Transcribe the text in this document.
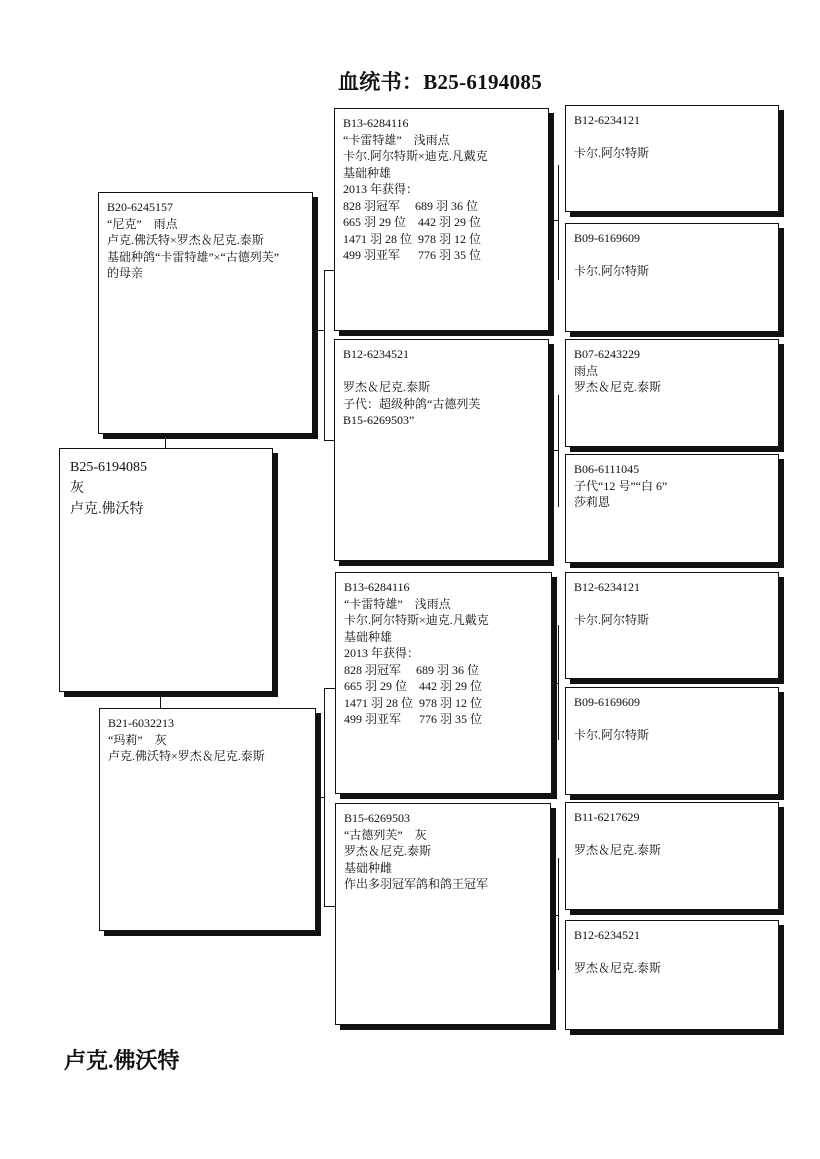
血统书：B25-6194085
B25-6194085
灰
卢克.佛沃特
B20-6245157
“尼克”    雨点
卢克.佛沃特×罗杰＆尼克.泰斯
基础种鸽“卡雷特雄”×“古德列芙”
的母亲
B21-6032213
“玛莉”    灰
卢克.佛沃特×罗杰＆尼克.泰斯
B13-6284116
“卡雷特雄”    浅雨点
卡尔.阿尔特斯×迪克.凡戴克
基础种雄
2013 年获得：
828 羽冠军     689 羽 36 位
665 羽 29 位    442 羽 29 位
1471 羽 28 位  978 羽 12 位
499 羽亚军      776 羽 35 位
B12-6234521
罗杰＆尼克.泰斯
子代：超级种鸽“古德列芙
B15-6269503”
B13-6284116
“卡雷特雄”    浅雨点
卡尔.阿尔特斯×迪克.凡戴克
基础种雄
2013 年获得：
828 羽冠军     689 羽 36 位
665 羽 29 位    442 羽 29 位
1471 羽 28 位  978 羽 12 位
499 羽亚军      776 羽 35 位
B15-6269503
“古德列芙”    灰
罗杰＆尼克.泰斯
基础种雌
作出多羽冠军鸽和鸽王冠军
B12-6234121
卡尔.阿尔特斯
B09-6169609
卡尔.阿尔特斯
B07-6243229
雨点
罗杰＆尼克.泰斯
B06-6111045
子代“12 号”“白 6”
莎莉恩
B12-6234121
卡尔.阿尔特斯
B09-6169609
卡尔.阿尔特斯
B11-6217629
罗杰＆尼克.泰斯
B12-6234521
罗杰＆尼克.泰斯
卢克.佛沃特
